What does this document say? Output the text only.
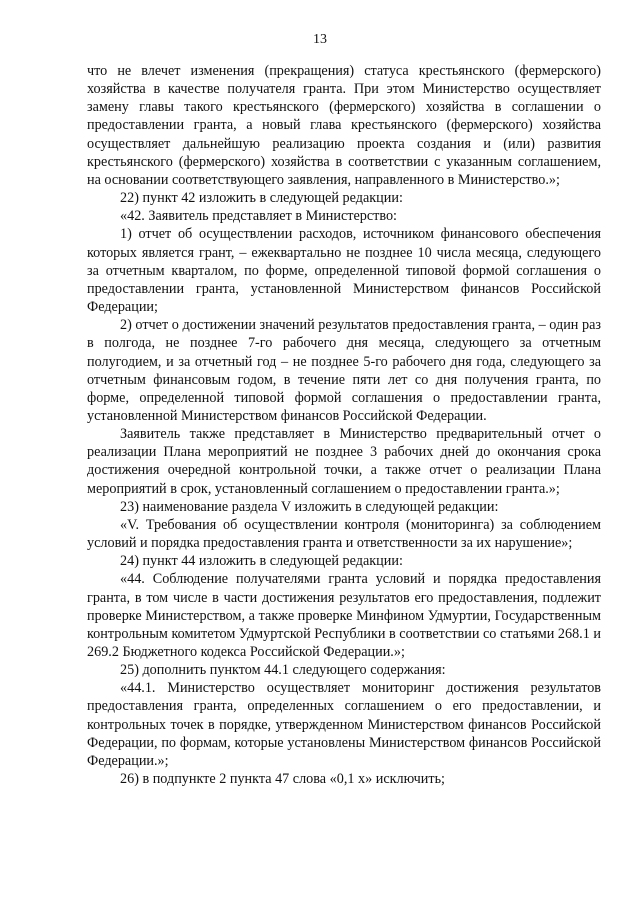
13

что не влечет изменения (прекращения) статуса крестьянского (фермерского) хозяйства в качестве получателя гранта. При этом Министерство осуществляет замену главы такого крестьянского (фермерского) хозяйства в соглашении о предоставлении гранта, а новый глава крестьянского (фермерского) хозяйства осуществляет дальнейшую реализацию проекта создания и (или) развития крестьянского (фермерского) хозяйства в соответствии с указанным соглашением, на основании соответствующего заявления, направленного в Министерство.»;

22) пункт 42 изложить в следующей редакции:

«42. Заявитель представляет в Министерство:

1) отчет об осуществлении расходов, источником финансового обеспечения которых является грант, – ежеквартально не позднее 10 числа месяца, следующего за отчетным кварталом, по форме, определенной типовой формой соглашения о предоставлении гранта, установленной Министерством финансов Российской Федерации;

2) отчет о достижении значений результатов предоставления гранта, – один раз в полгода, не позднее 7-го рабочего дня месяца, следующего за отчетным полугодием, и за отчетный год – не позднее 5-го рабочего дня года, следующего за отчетным финансовым годом, в течение пяти лет со дня получения гранта, по форме, определенной типовой формой соглашения о предоставлении гранта, установленной Министерством финансов Российской Федерации.

Заявитель также представляет в Министерство предварительный отчет о реализации Плана мероприятий не позднее 3 рабочих дней до окончания срока достижения очередной контрольной точки, а также отчет о реализации Плана мероприятий в срок, установленный соглашением о предоставлении гранта.»;

23) наименование раздела V изложить в следующей редакции:

«V. Требования об осуществлении контроля (мониторинга) за соблюдением условий и порядка предоставления гранта и ответственности за их нарушение»;

24) пункт 44 изложить в следующей редакции:

«44. Соблюдение получателями гранта условий и порядка предоставления гранта, в том числе в части достижения результатов его предоставления, подлежит проверке Министерством, а также проверке Минфином Удмуртии, Государственным контрольным комитетом Удмуртской Республики в соответствии со статьями 268.1 и 269.2 Бюджетного кодекса Российской Федерации.»;

25) дополнить пунктом 44.1 следующего содержания:

«44.1. Министерство осуществляет мониторинг достижения результатов предоставления гранта, определенных соглашением о его предоставлении, и контрольных точек в порядке, утвержденном Министерством финансов Российской Федерации, по формам, которые установлены Министерством финансов Российской Федерации.»;

26) в подпункте 2 пункта 47 слова «0,1 х» исключить;
